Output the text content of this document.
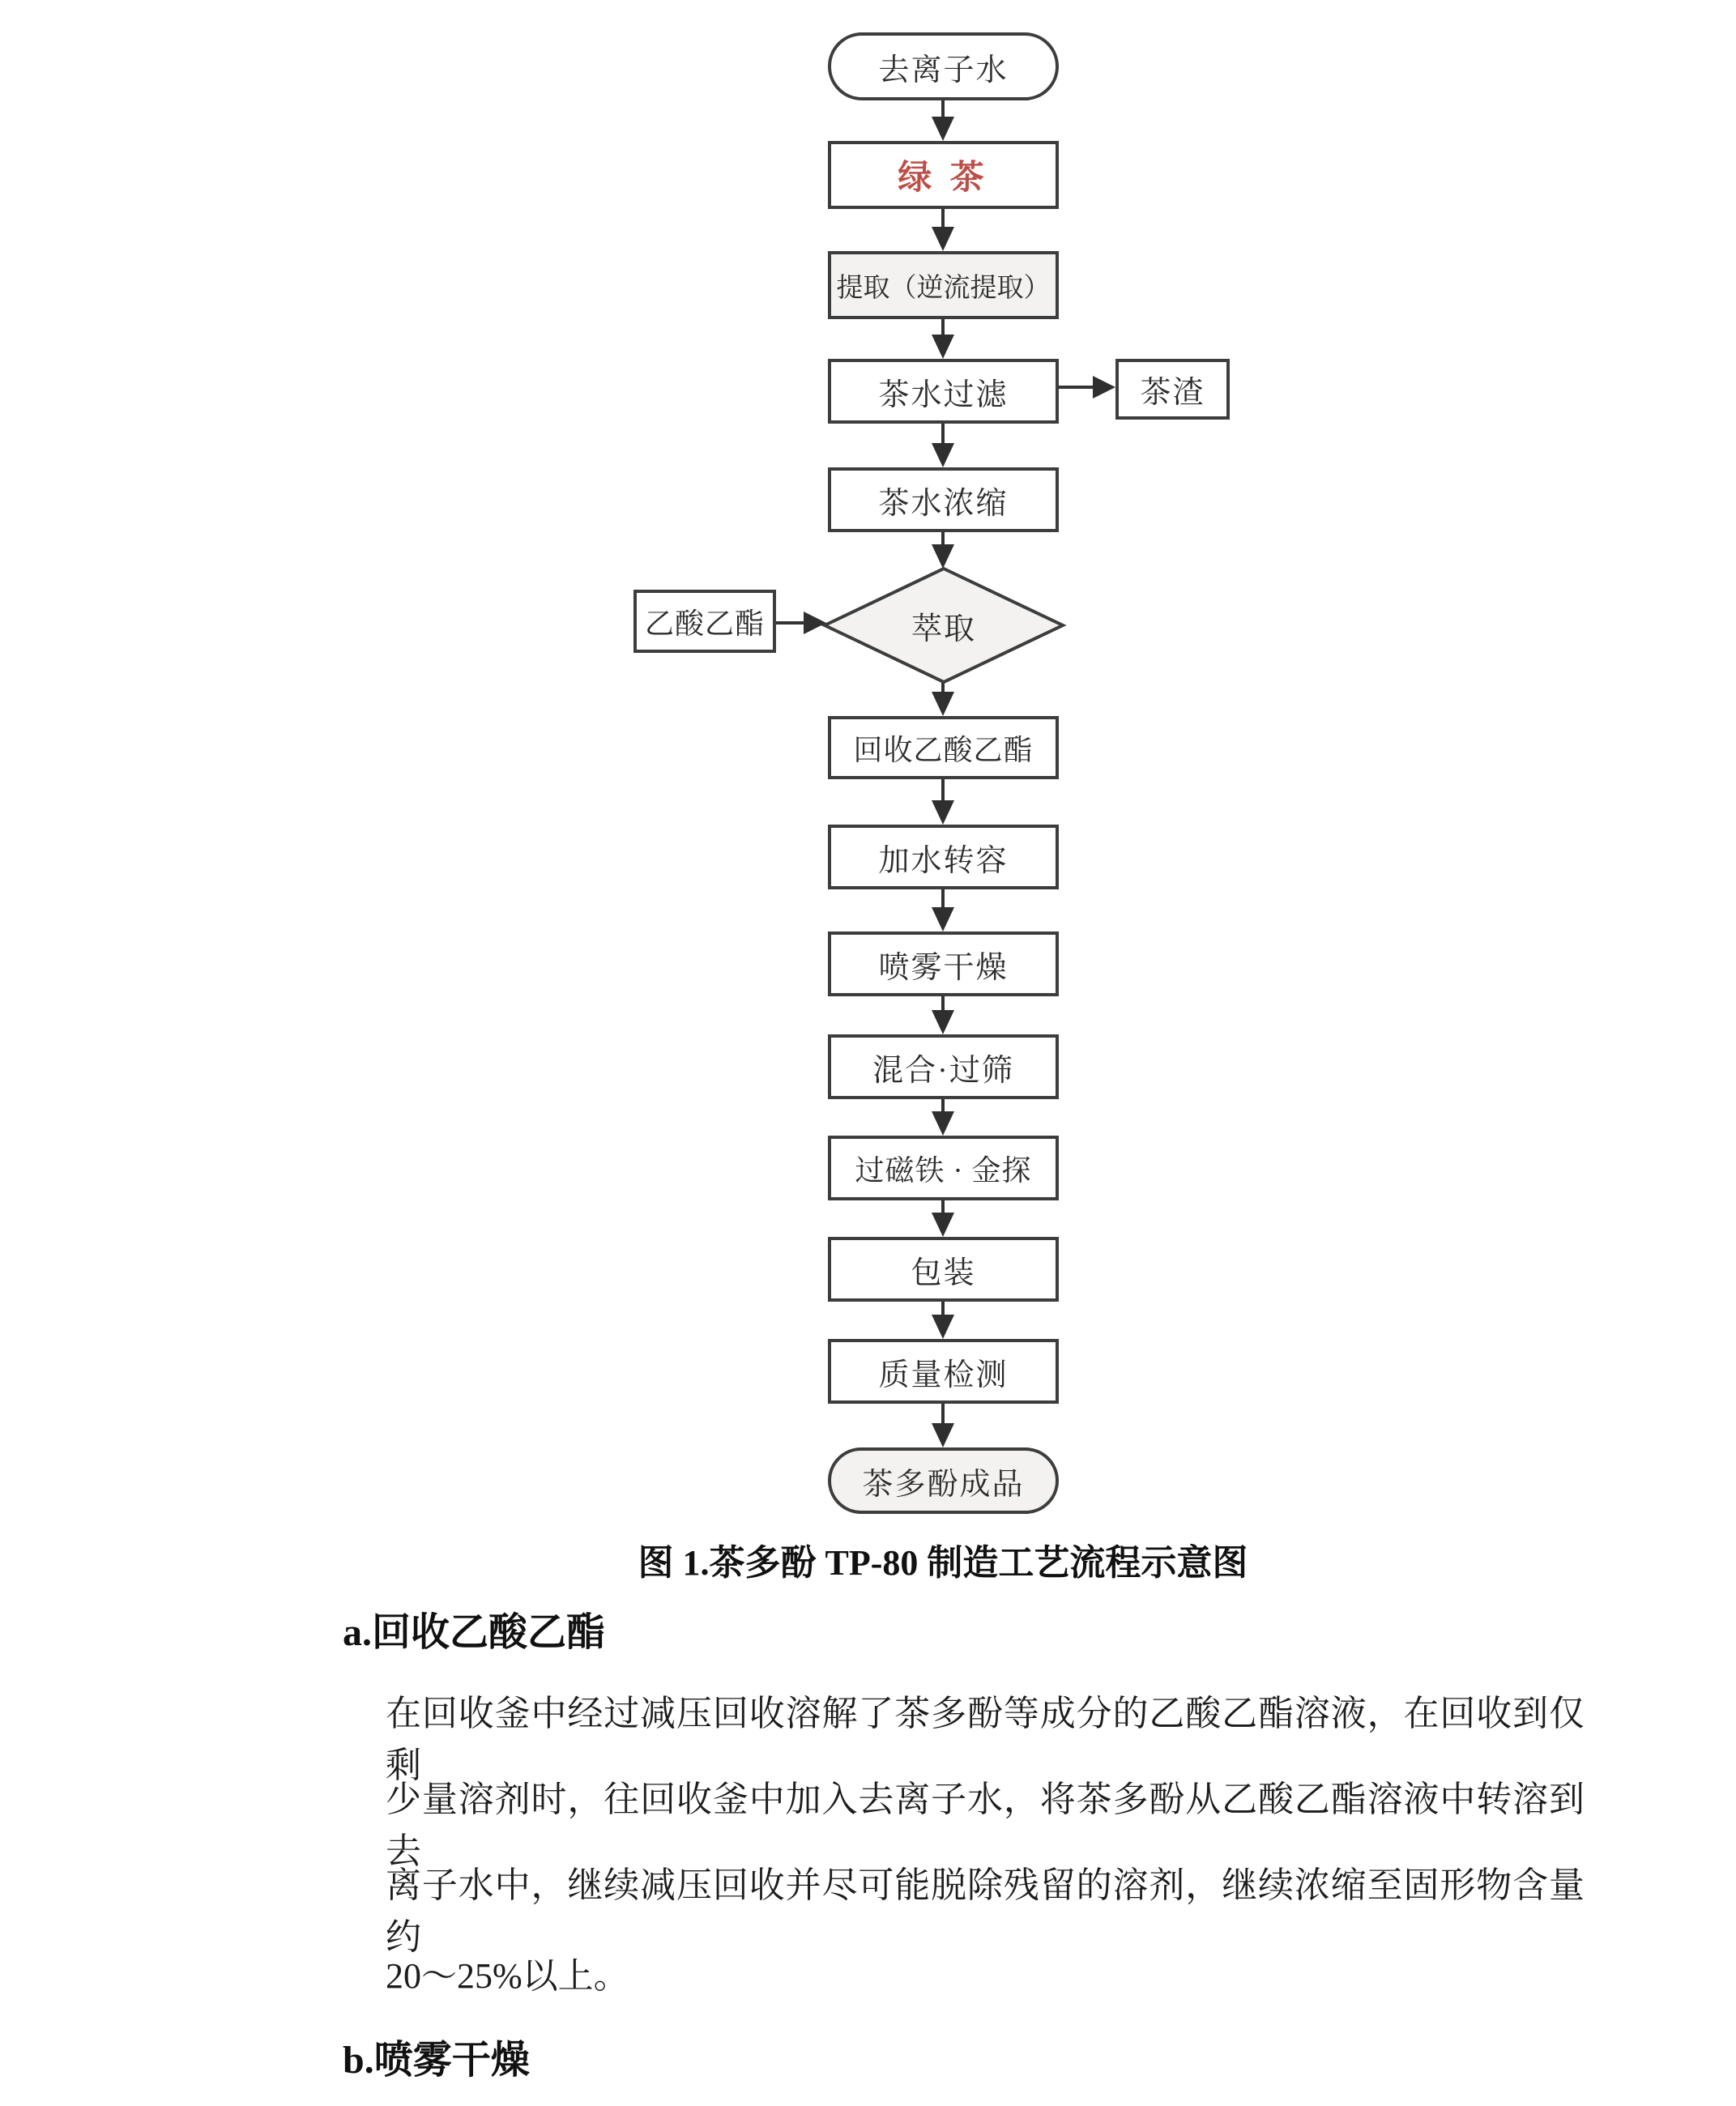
去离子水
绿 茶
提取（逆流提取）
茶水过滤	茶渣
茶水浓缩
萃取
乙酸乙酯
回收乙酸乙酯
加水转容
喷雾干燥
混合·过筛
过磁铁 · 金探
包装
质量检测
茶多酚成品
图 1.茶多酚 TP-80 制造工艺流程示意图
a.回收乙酸乙酯
在回收釜中经过减压回收溶解了茶多酚等成分的乙酸乙酯溶液，在回收到仅剩
少量溶剂时，往回收釜中加入去离子水，将茶多酚从乙酸乙酯溶液中转溶到去
离子水中，继续减压回收并尽可能脱除残留的溶剂，继续浓缩至固形物含量约
20～25%以上。
b.喷雾干燥
